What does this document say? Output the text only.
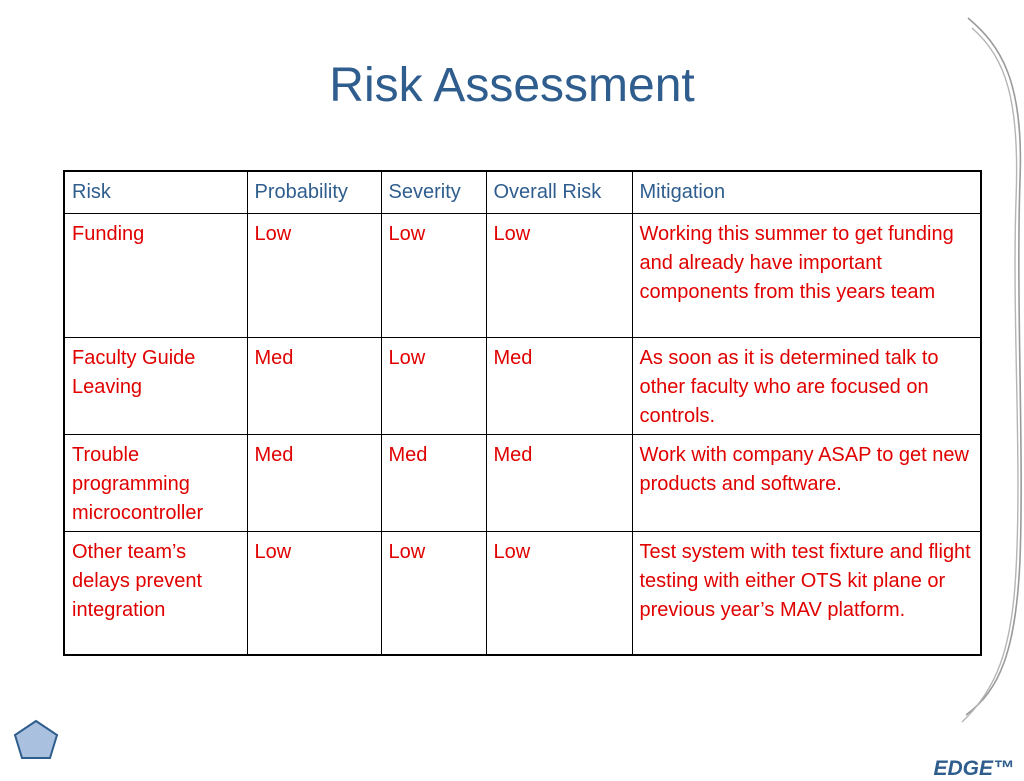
Risk Assessment
Risk	Probability	Severity	Overall Risk	Mitigation
Funding	Low	Low	Low	Working this summer to get funding and already have important components from this years team
Faculty Guide Leaving	Med	Low	Med	As soon as it is determined talk to other faculty who are focused on controls.
Trouble programming microcontroller	Med	Med	Med	Work with company ASAP to get new products and software.
Other team’s delays prevent integration	Low	Low	Low	Test system with test fixture and flight testing with either OTS kit plane or previous year’s MAV platform.
EDGE™
